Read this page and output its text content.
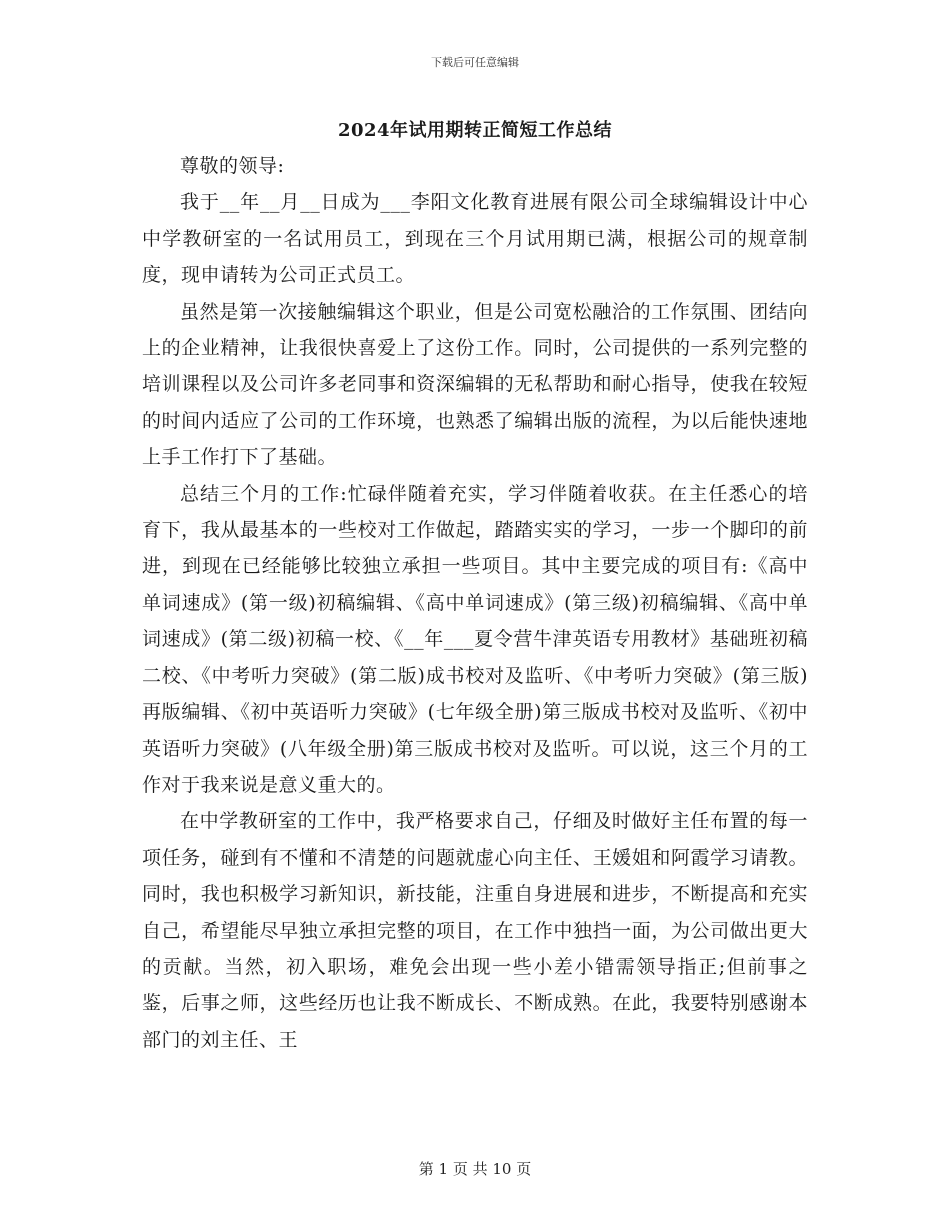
下载后可任意编辑
2024年试用期转正简短工作总结

尊敬的领导:

我于__年__月__日成为___李阳文化教育进展有限公司全球编辑设计中心中学教研室的一名试用员工，到现在三个月试用期已满，根据公司的规章制度，现申请转为公司正式员工。

虽然是第一次接触编辑这个职业，但是公司宽松融洽的工作氛围、团结向上的企业精神，让我很快喜爱上了这份工作。同时，公司提供的一系列完整的培训课程以及公司许多老同事和资深编辑的无私帮助和耐心指导，使我在较短的时间内适应了公司的工作环境，也熟悉了编辑出版的流程，为以后能快速地上手工作打下了基础。

总结三个月的工作:忙碌伴随着充实，学习伴随着收获。在主任悉心的培育下，我从最基本的一些校对工作做起，踏踏实实的学习，一步一个脚印的前进，到现在已经能够比较独立承担一些项目。其中主要完成的项目有:《高中单词速成》(第一级)初稿编辑、《高中单词速成》(第三级)初稿编辑、《高中单词速成》(第二级)初稿一校、《__年___夏令营牛津英语专用教材》基础班初稿二校、《中考听力突破》(第二版)成书校对及监听、《中考听力突破》(第三版)再版编辑、《初中英语听力突破》(七年级全册)第三版成书校对及监听、《初中英语听力突破》(八年级全册)第三版成书校对及监听。可以说，这三个月的工作对于我来说是意义重大的。

在中学教研室的工作中，我严格要求自己，仔细及时做好主任布置的每一项任务，碰到有不懂和不清楚的问题就虚心向主任、王媛姐和阿霞学习请教。同时，我也积极学习新知识，新技能，注重自身进展和进步，不断提高和充实自己，希望能尽早独立承担完整的项目，在工作中独挡一面，为公司做出更大的贡献。当然，初入职场，难免会出现一些小差小错需领导指正;但前事之鉴，后事之师，这些经历也让我不断成长、不断成熟。在此，我要特别感谢本部门的刘主任、王

第 1 页 共 10 页
